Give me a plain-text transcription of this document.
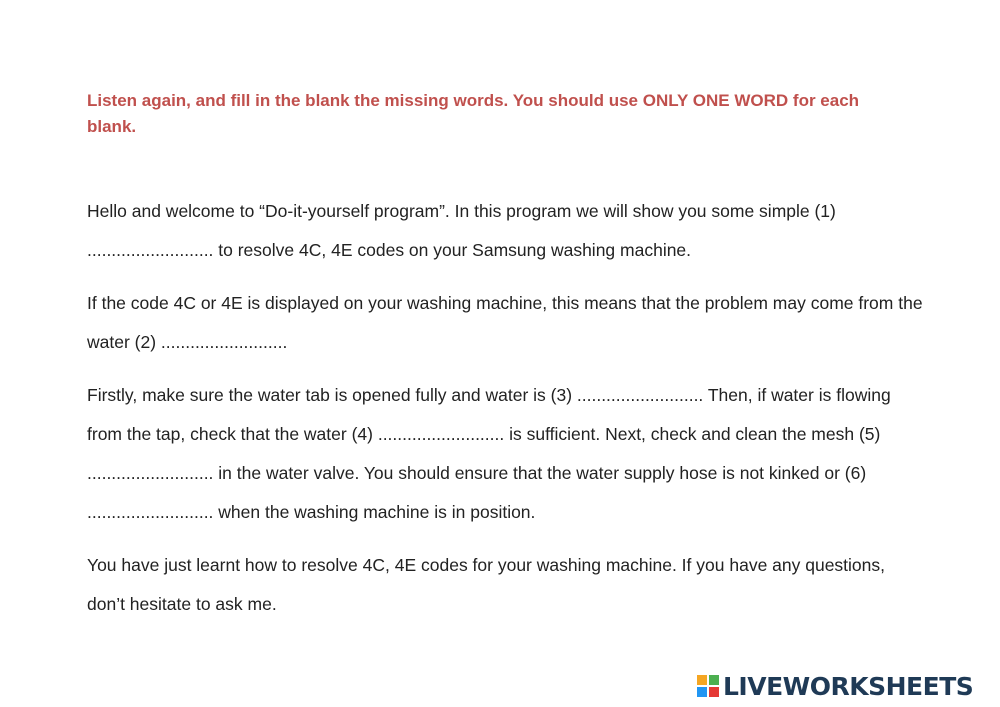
Listen again, and fill in the blank the missing words. You should use ONLY ONE WORD for each blank.

Hello and welcome to “Do-it-yourself program”. In this program we will show you some simple (1) .......................... to resolve 4C, 4E codes on your Samsung washing machine.

If the code 4C or 4E is displayed on your washing machine, this means that the problem may come from the water (2) ..........................

Firstly, make sure the water tab is opened fully and water is (3) .......................... Then, if water is flowing from the tap, check that the water (4) .......................... is sufficient. Next, check and clean the mesh (5) .......................... in the water valve. You should ensure that the water supply hose is not kinked or (6) .......................... when the washing machine is in position.

You have just learnt how to resolve 4C, 4E codes for your washing machine. If you have any questions, don’t hesitate to ask me.

LIVEWORKSHEETS
